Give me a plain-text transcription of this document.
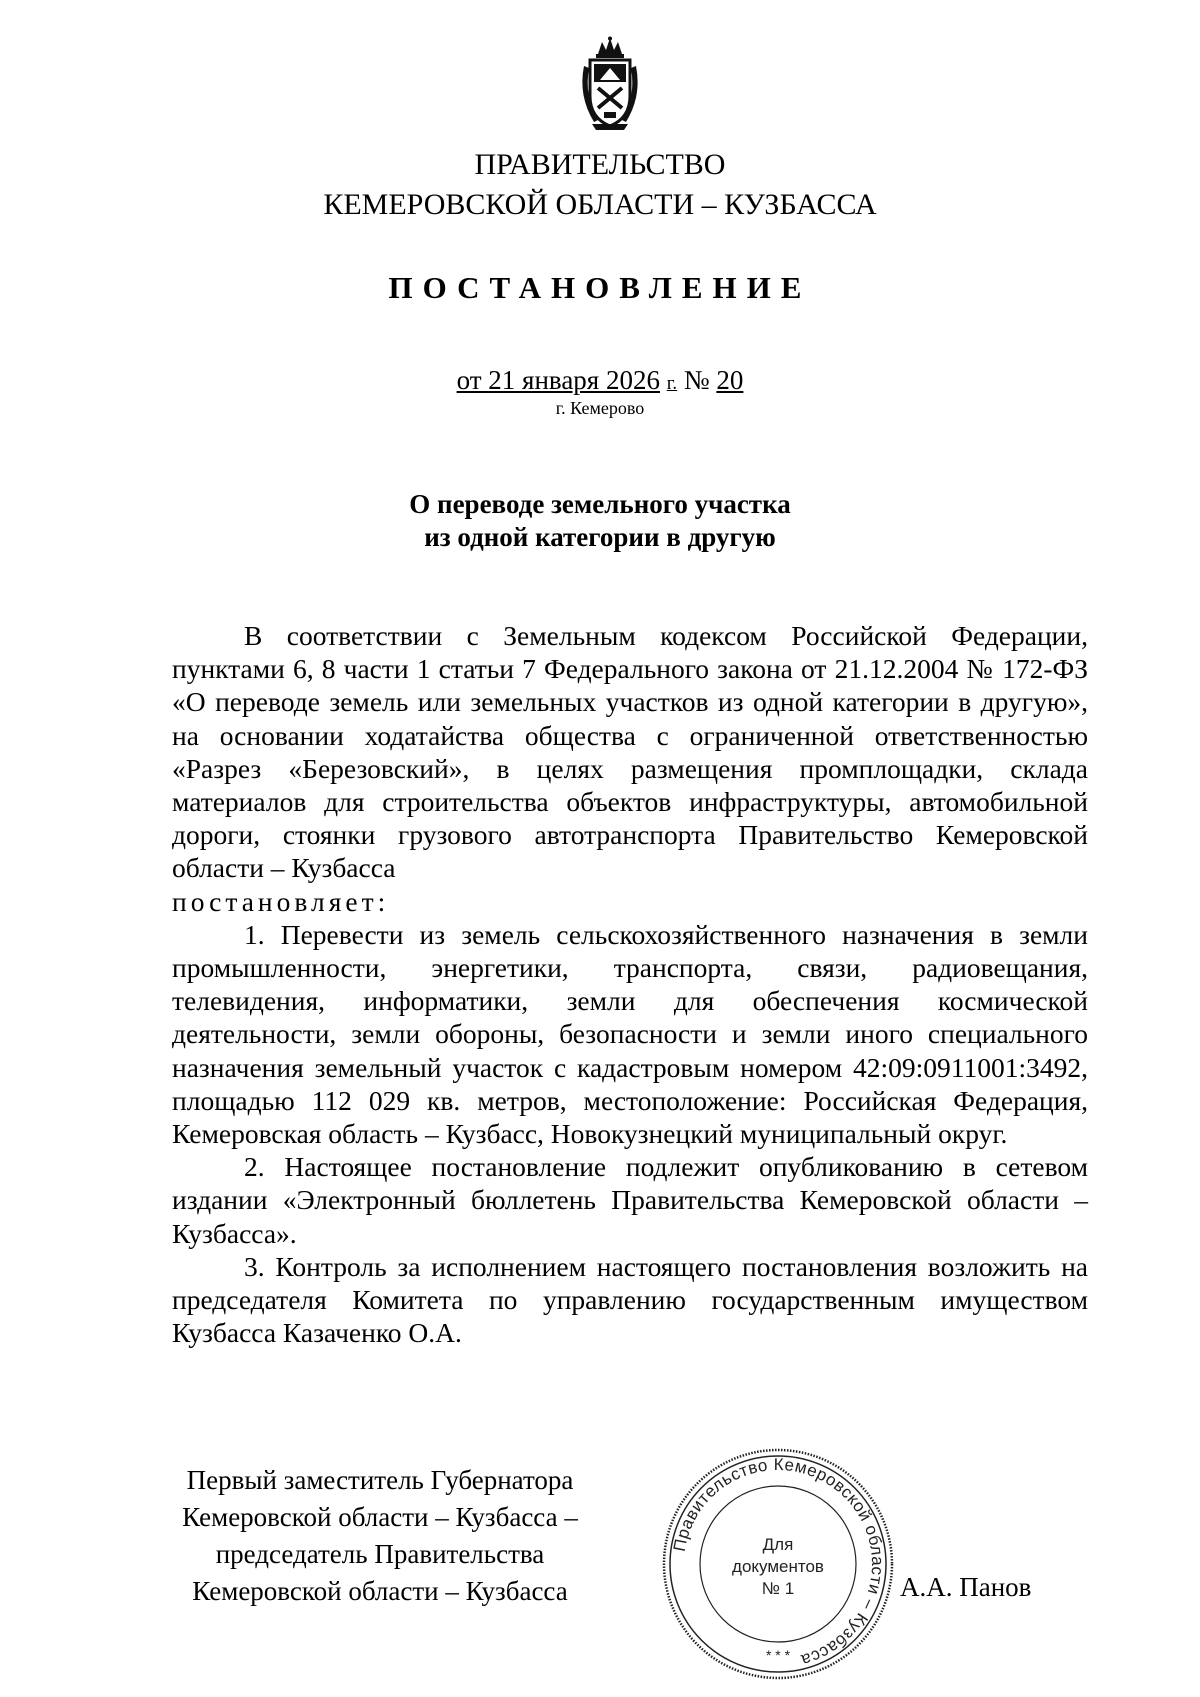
ПРАВИТЕЛЬСТВО
КЕМЕРОВСКОЙ ОБЛАСТИ – КУЗБАССА
ПОСТАНОВЛЕНИЕ
от 21 января 2026 г. № 20
г. Кемерово
О переводе земельного участка
из одной категории в другую

В соответствии с Земельным кодексом Российской Федерации, пунктами 6, 8 части 1 статьи 7 Федерального закона от 21.12.2004 № 172-ФЗ «О переводе земель или земельных участков из одной категории в другую», на основании ходатайства общества с ограниченной ответственностью «Разрез «Березовский», в целях размещения промплощадки, склада материалов для строительства объектов инфраструктуры, автомобильной дороги, стоянки грузового автотранспорта Правительство Кемеровской области – Кузбасса
постановляет:

1. Перевести из земель сельскохозяйственного назначения в земли промышленности, энергетики, транспорта, связи, радиовещания, телевидения, информатики, земли для обеспечения космической деятельности, земли обороны, безопасности и земли иного специального назначения земельный участок с кадастровым номером 42:09:0911001:3492, площадью 112 029 кв. метров, местоположение: Российская Федерация, Кемеровская область – Кузбасс, Новокузнецкий муниципальный округ.

2. Настоящее постановление подлежит опубликованию в сетевом издании «Электронный бюллетень Правительства Кемеровской области – Кузбасса».

3. Контроль за исполнением настоящего постановления возложить на председателя Комитета по управлению государственным имуществом Кузбасса Казаченко О.А.

Первый заместитель Губернатора
Кемеровской области – Кузбасса –
председатель Правительства
Кемеровской области – Кузбасса
Правительство Кемеровской области – Кузбасса
* * *
Для
документов
№ 1	А.А. Панов
